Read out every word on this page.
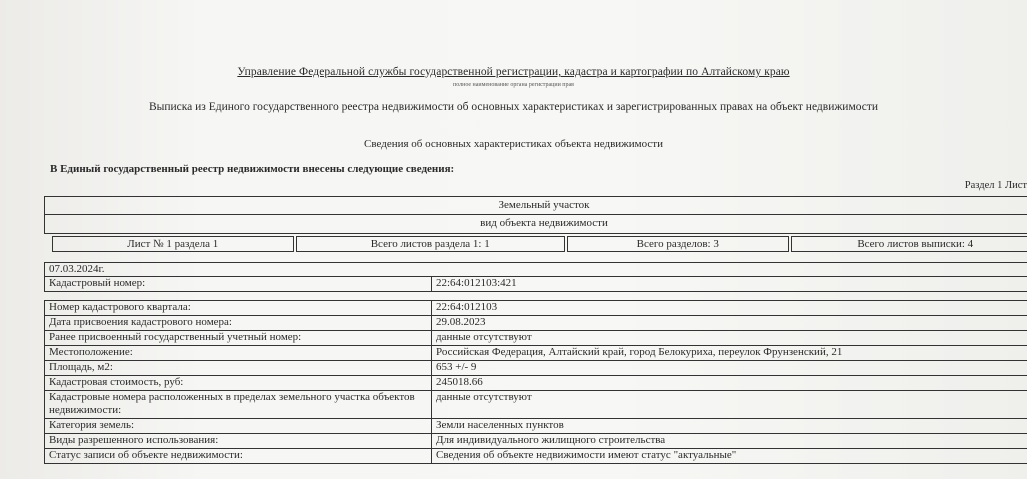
Управление Федеральной службы государственной регистрации, кадастра и картографии по Алтайскому краю
полное наименование органа регистрации прав
Выписка из Единого государственного реестра недвижимости об основных характеристиках и зарегистрированных правах на объект недвижимости
Сведения об основных характеристиках объекта недвижимости
В Единый государственный реестр недвижимости внесены следующие сведения:
Раздел 1 Лист
Земельный участок
вид объекта недвижимости
Лист № 1 раздела 1	Всего листов раздела 1: 1	Всего разделов: 3	Всего листов выписки: 4
07.03.2024г.
Кадастровый номер:	22:64:012103:421

Номер кадастрового квартала:	22:64:012103
Дата присвоения кадастрового номера:	29.08.2023
Ранее присвоенный государственный учетный номер:	данные отсутствуют
Местоположение:	Российская Федерация, Алтайский край, город Белокуриха, переулок Фрунзенский, 21
Площадь, м2:	653 +/- 9
Кадастровая стоимость, руб:	245018.66
Кадастровые номера расположенных в пределах земельного участка объектов недвижимости:	данные отсутствуют
Категория земель:	Земли населенных пунктов
Виды разрешенного использования:	Для индивидуального жилищного строительства
Статус записи об объекте недвижимости:	Сведения об объекте недвижимости имеют статус "актуальные"
